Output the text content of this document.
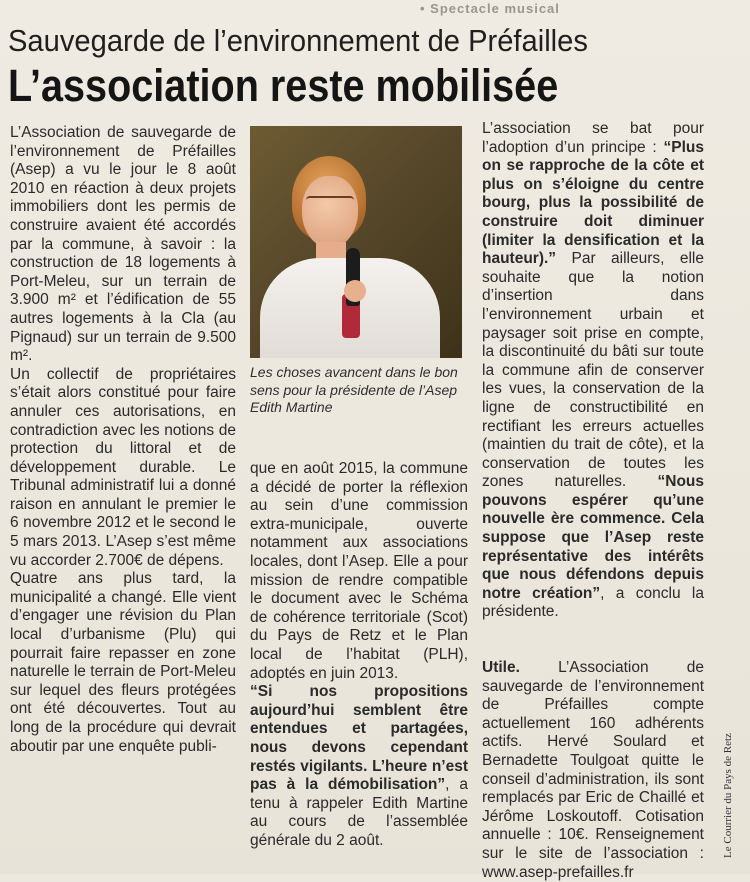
• Spectacle musical
Sauvegarde de l’environnement de Préfailles
L’association reste mobilisée

L’Association de sauvegarde de l’environnement de Préfailles (Asep) a vu le jour le 8 août 2010 en réaction à deux projets immobiliers dont les permis de construire avaient été accordés par la commune, à savoir : la construction de 18 logements à Port-Meleu, sur un terrain de 3.900 m² et l’édification de 55 autres logements à la Cla (au Pignaud) sur un terrain de 9.500 m².

Un collectif de propriétaires s’était alors constitué pour faire annuler ces autorisations, en contradiction avec les notions de protection du littoral et de développement durable. Le Tribunal administratif lui a donné raison en annulant le premier le 6 novembre 2012 et le second le 5 mars 2013. L’Asep s’est même vu accorder 2.700€ de dépens.

Quatre ans plus tard, la municipalité a changé. Elle vient d’engager une révision du Plan local d’urbanisme (Plu) qui pourrait faire repasser en zone naturelle le terrain de Port-Meleu sur lequel des fleurs protégées ont été découvertes. Tout au long de la procédure qui devrait aboutir par une enquête publi-

Les choses avancent dans le bon sens pour la présidente de l’Asep Edith Martine

que en août 2015, la commune a décidé de porter la réflexion au sein d’une commission extra-municipale, ouverte notamment aux associations locales, dont l’Asep. Elle a pour mission de rendre compatible le document avec le Schéma de cohérence territoriale (Scot) du Pays de Retz et le Plan local de l’habitat (PLH), adoptés en juin 2013.

“Si nos propositions aujourd’hui semblent être entendues et partagées, nous devons cependant restés vigilants. L’heure n’est pas à la démobilisation”, a tenu à rappeler Edith Martine au cours de l’assemblée générale du 2 août.

L’association se bat pour l’adoption d’un principe : “Plus on se rapproche de la côte et plus on s’éloigne du centre bourg, plus la possibilité de construire doit diminuer (limiter la densification et la hauteur).” Par ailleurs, elle souhaite que la notion d’insertion dans l’environnement urbain et paysager soit prise en compte, la discontinuité du bâti sur toute la commune afin de conserver les vues, la conservation de la ligne de constructibilité en rectifiant les erreurs actuelles (maintien du trait de côte), et la conservation de toutes les zones naturelles. “Nous pouvons espérer qu’une nouvelle ère commence. Cela suppose que l’Asep reste représentative des intérêts que nous défendons depuis notre création”, a conclu la présidente.

Utile. L’Association de sauvegarde de l’environnement de Préfailles compte actuellement 160 adhérents actifs. Hervé Soulard et Bernadette Toulgoat quitte le conseil d’administration, ils sont remplacés par Eric de Chaillé et Jérôme Loskoutoff. Cotisation annuelle : 10€. Renseignement sur le site de l’association : www.asep-prefailles.fr

Le Courrier du Pays de Retz
